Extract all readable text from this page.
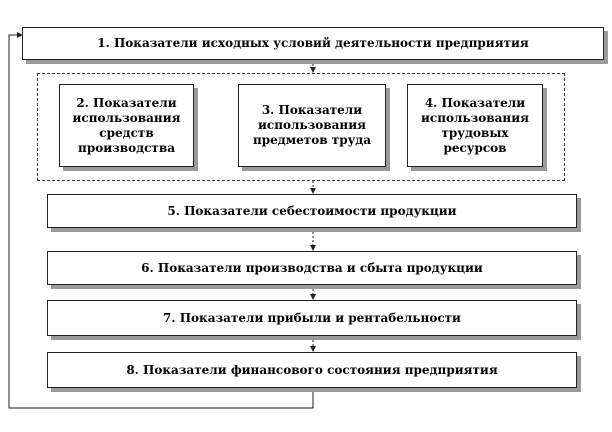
1. Показатели исходных условий деятельности предприятия
2. Показатели использования средств производства
3. Показатели использования предметов труда
4. Показатели использования трудовых ресурсов
5. Показатели себестоимости продукции
6. Показатели производства и сбыта продукции
7. Показатели прибыли и рентабельности
8. Показатели финансового состояния предприятия
